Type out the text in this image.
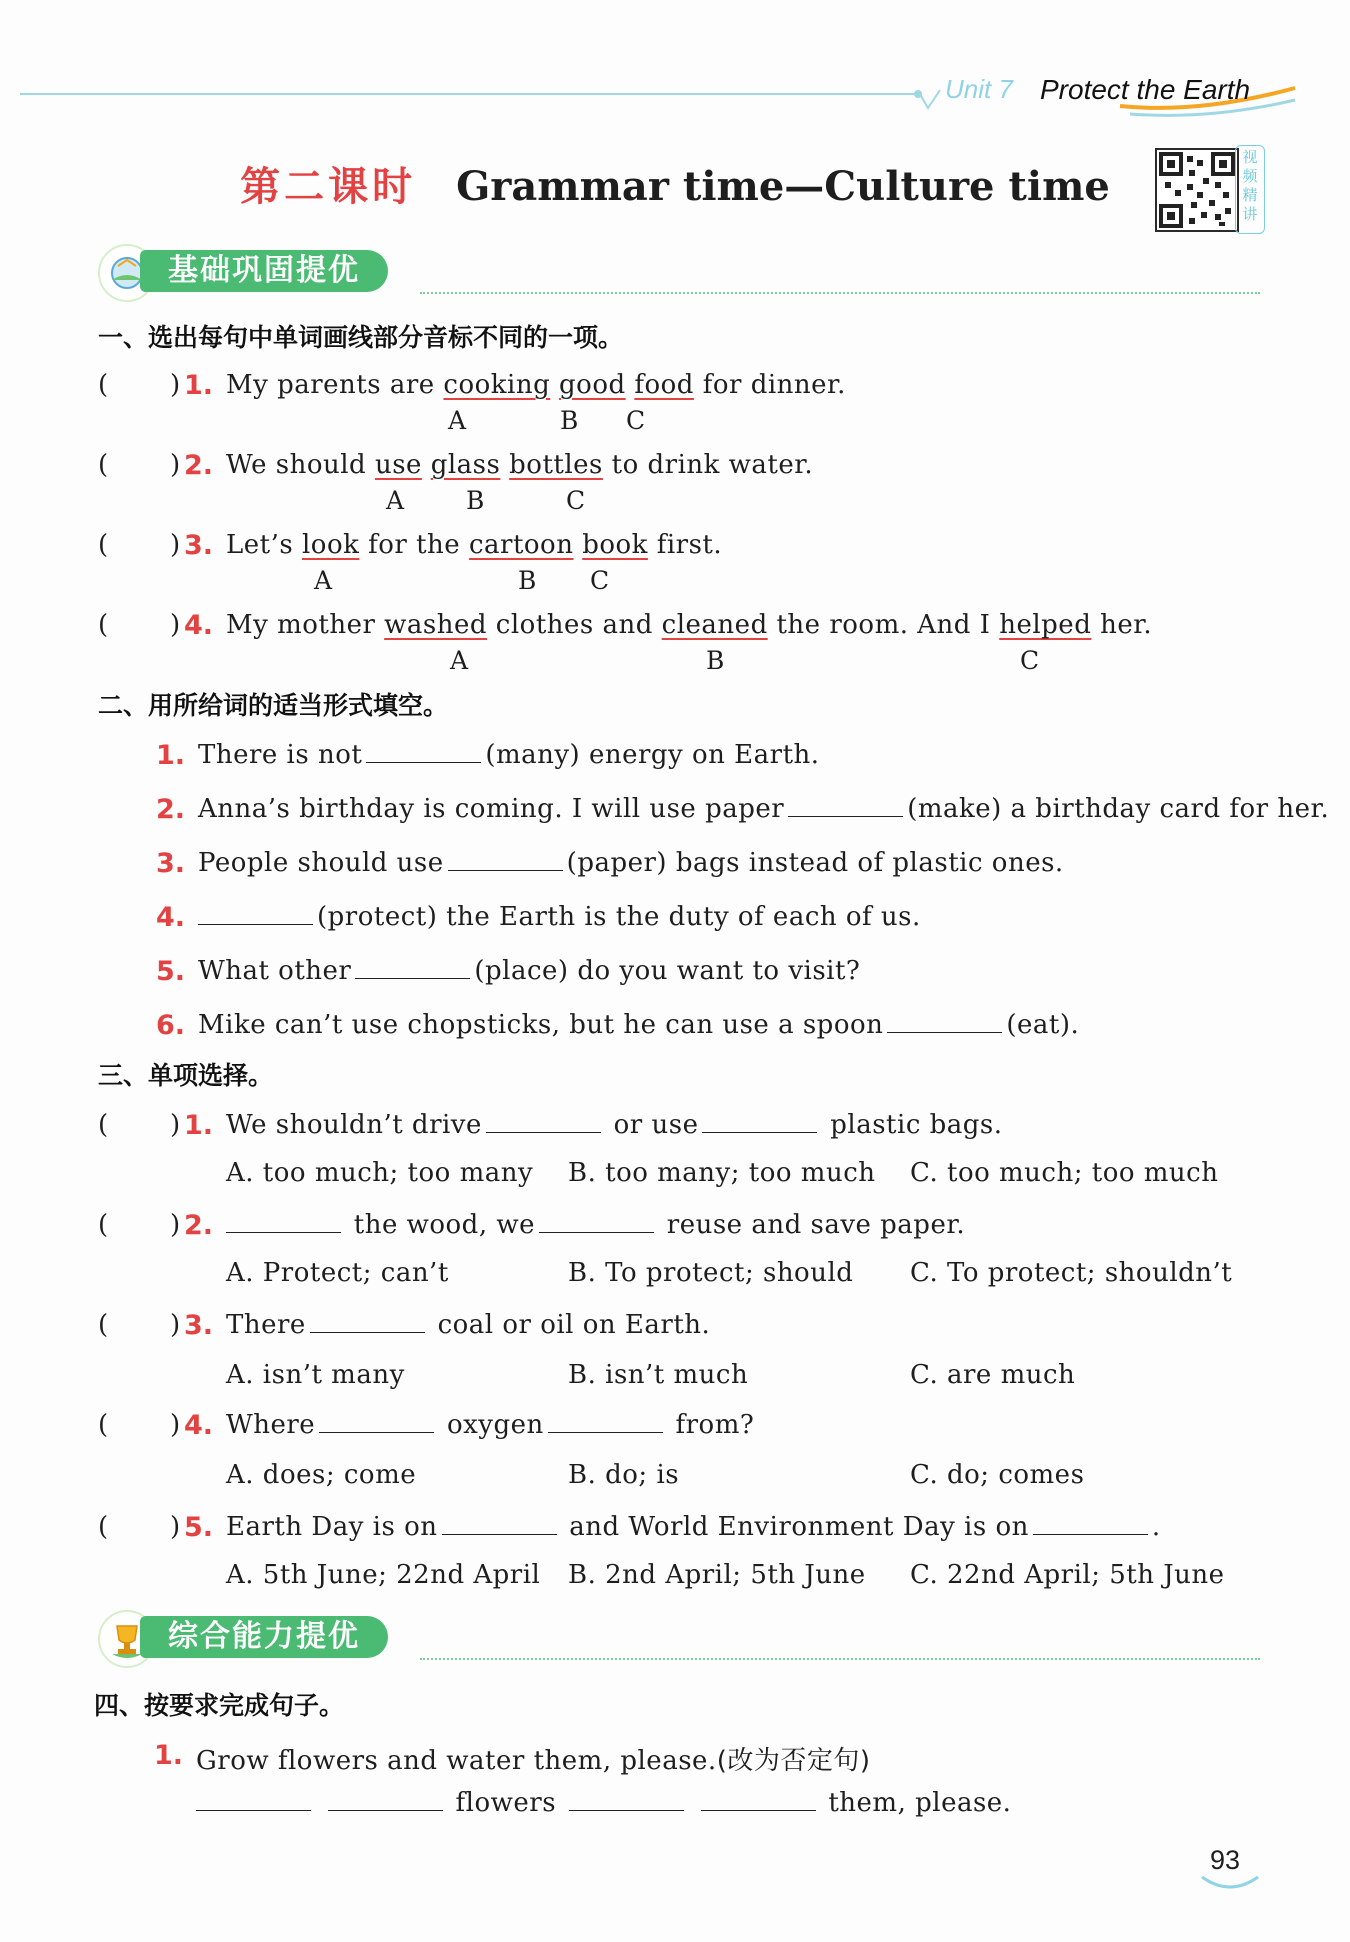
Unit 7 Protect the Earth
第二课时 Grammar time—Culture time
视
频
精
讲
基础巩固提优
一、选出每句中单词画线部分音标不同的一项。
( ) 1. My parents are cooking good food for dinner.
A	B C
( ) 2. We should use glass bottles to drink water.
A B	C
( ) 3. Let’s look for the cartoon book first.
A	B C
( ) 4. My mother washed clothes and cleaned the room. And I helped her.
A	B	C
二、用所给词的适当形式填空。
1. There is not	(many) energy on Earth.
2. Anna’s birthday is coming. I will use paper	(make) a birthday card for her.
3. People should use	(paper) bags instead of plastic ones.
4.	(protect) the Earth is the duty of each of us.
5. What other	(place) do you want to visit?
6. Mike can’t use chopsticks, but he can use a spoon	(eat).
三、单项选择。
( ) 1. We shouldn’t drive	or use	plastic bags.
A. too much; too many B. too many; too much C. too much; too much
( ) 2.	the wood, we	reuse and save paper.
A. Protect; can’t	B. To protect; should C. To protect; shouldn’t
( ) 3. There	coal or oil on Earth.
A. isn’t many	B. isn’t much	C. are much
( ) 4. Where	oxygen	from?
A. does; come	B. do; is	C. do; comes
( ) 5. Earth Day is on	and World Environment Day is on	.
A. 5th June; 22nd April B. 2nd April; 5th June C. 22nd April; 5th June
综合能力提优
四、按要求完成句子。
1. Grow flowers and water them, please.(改为否定句)
flowers	them, please.
93
